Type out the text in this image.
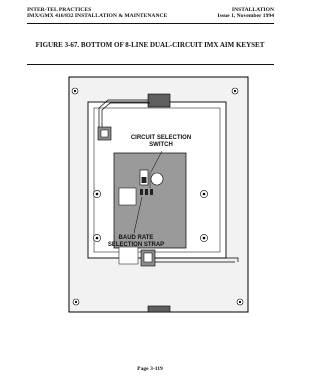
INTER-TEL PRACTICES
IMX/GMX 416/832 INSTALLATION & MAINTENANCE
INSTALLATION
Issue 1, November 1994
FIGURE 3-67. BOTTOM OF 8-LINE DUAL-CIRCUIT IMX AIM KEYSET
CIRCUIT SELECTION
SWITCH
BAUD RATE
SELECTION STRAP
Page 3-119
